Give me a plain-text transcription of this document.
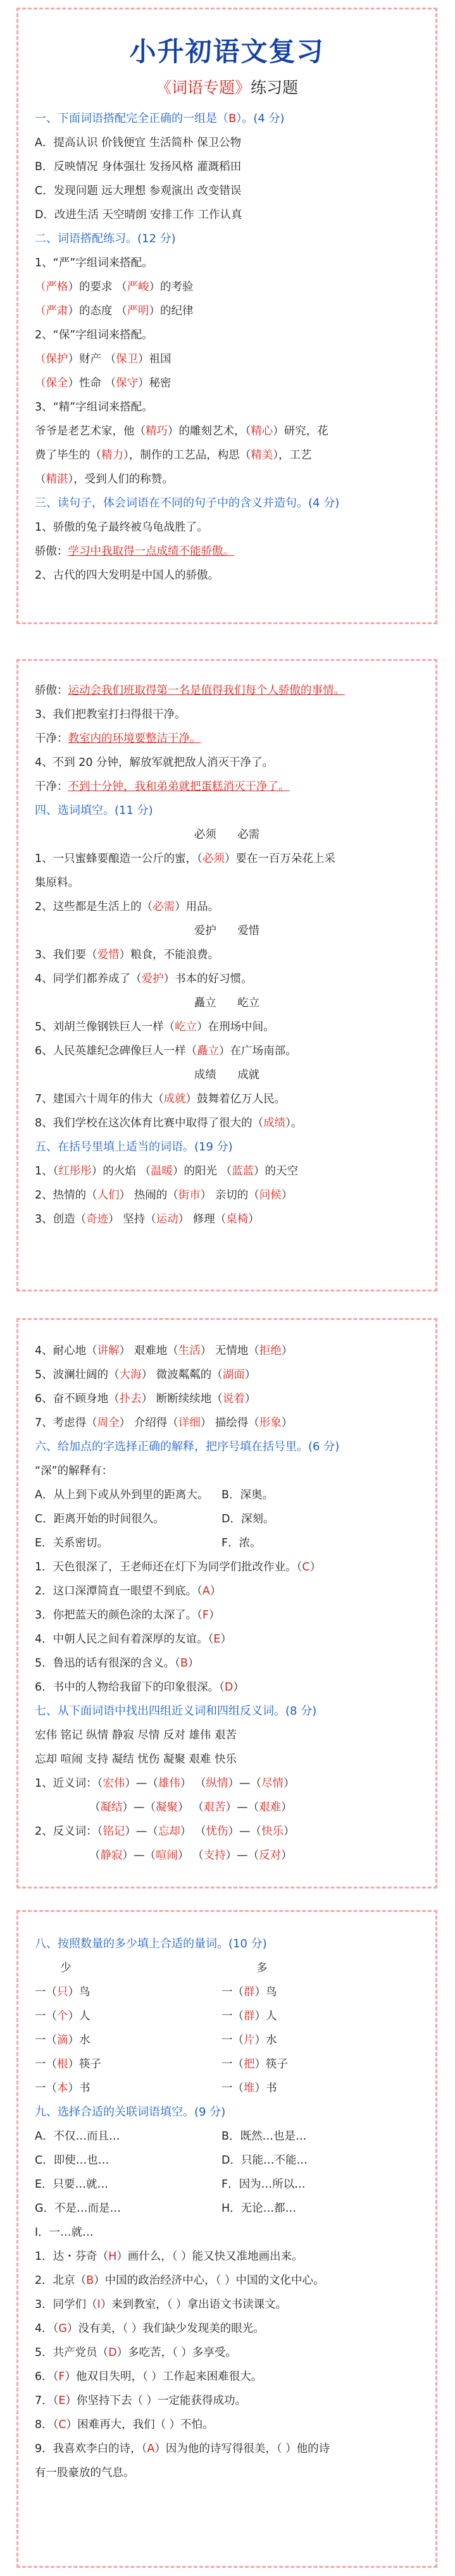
小升初语文复习
《词语专题》练习题
一、下面词语搭配完全正确的一组是（B）。(4 分)
A．提高认识 价钱便宜 生活简朴 保卫公物
B．反映情况 身体强壮 发扬风格 灌溉稻田
C．发现问题 远大理想 参观演出 改变错误
D．改进生活 天空晴朗 安排工作 工作认真
二、词语搭配练习。(12 分)
1、“严”字组词来搭配。
（严格）的要求 （严峻）的考验
（严肃）的态度 （严明）的纪律
2、“保”字组词来搭配。
（保护）财产 （保卫）祖国
（保全）性命 （保守）秘密
3、“精”字组词来搭配。
爷爷是老艺术家，他（精巧）的雕刻艺术，（精心）研究，花
费了毕生的（精力），制作的工艺品，构思（精美），工艺
（精湛），受到人们的称赞。
三、读句子，体会词语在不同的句子中的含义并造句。(4 分)
1、骄傲的兔子最终被乌龟战胜了。
骄傲：学习中我取得一点成绩不能骄傲。
2、古代的四大发明是中国人的骄傲。
骄傲：运动会我们班取得第一名是值得我们每个人骄傲的事情。
3、我们把教室打扫得很干净。
干净：教室内的环境要整洁干净。
4、不到 20 分钟，解放军就把敌人消灭干净了。
干净：不到十分钟，我和弟弟就把蛋糕消灭干净了。
四、选词填空。(11 分)
必须 必需
1、一只蜜蜂要酿造一公斤的蜜，（必须）要在一百万朵花上采
集原料。
2、这些都是生活上的（必需）用品。
爱护 爱惜
3、我们要（爱惜）粮食，不能浪费。
4、同学们都养成了（爱护）书本的好习惯。
矗立 屹立
5、刘胡兰像钢铁巨人一样（屹立）在刑场中间。
6、人民英雄纪念碑像巨人一样（矗立）在广场南部。
成绩 成就
7、建国六十周年的伟大（成就）鼓舞着亿万人民。
8、我们学校在这次体育比赛中取得了很大的（成绩）。
五、在括号里填上适当的词语。(19 分)
1、（红彤彤）的火焰 （温暖）的阳光 （蓝蓝）的天空
2、热情的（人们） 热闹的（街市） 亲切的（问候）
3、创造（奇迹） 坚持（运动） 修理（桌椅）
4、耐心地（讲解） 艰难地（生活） 无情地（拒绝）
5、波澜壮阔的（大海） 微波粼粼的（湖面）
6、奋不顾身地（扑去） 断断续续地（说着）
7、考虑得（周全） 介绍得（详细） 描绘得（形象）
六、给加点的字选择正确的解释，把序号填在括号里。(6 分)
“深”的解释有：
A．从上到下或从外到里的距离大。 B．深奥。
C．距离开始的时间很久。	D．深刻。
E．关系密切。	F．浓。
1．天色很深了，王老师还在灯下为同学们批改作业。（C）
2．这口深潭简直一眼望不到底。（A）
3．你把蓝天的颜色涂的太深了。（F）
4．中朝人民之间有着深厚的友谊。（E）
5．鲁迅的话有很深的含义。（B）
6．书中的人物给我留下的印象很深。（D）
七、从下面词语中找出四组近义词和四组反义词。(8 分)
宏伟 铭记 纵情 静寂 尽情 反对 雄伟 艰苦
忘却 喧闹 支持 凝结 忧伤 凝聚 艰难 快乐
1、近义词：（宏伟）—（雄伟） （纵情）—（尽情）
（凝结）—（凝聚） （艰苦）—（艰难）
2、反义词：（铭记）—（忘却） （忧伤）—（快乐）
（静寂）—（喧闹） （支持）—（反对）
八、按照数量的多少填上合适的量词。(10 分)
少	多
一（只）鸟	一（群）鸟
一（个）人	一（群）人
一（滴）水	一（片）水
一（根）筷子	一（把）筷子
一（本）书	一（堆）书
九、选择合适的关联词语填空。(9 分)
A．不仅…而且…	B．既然…也是…
C．即使…也…	D．只能…不能…
E．只要…就…	F．因为…所以…
G．不是…而是…	H．无论…都…
I．一…就…
1．达・芬奇（H）画什么，（ ）能又快又准地画出来。
2．北京（B）中国的政治经济中心，（ ）中国的文化中心。
3．同学们（I）来到教室，（ ）拿出语文书读课文。
4．（G）没有美，（ ）我们缺少发现美的眼光。
5．共产党员（D）多吃苦，（ ）多享受。
6．（F）他双目失明，（ ）工作起来困难很大。
7．（E）你坚持下去（ ）一定能获得成功。
8．（C）困难再大，我们（ ）不怕。
9．我喜欢李白的诗，（A）因为他的诗写得很美，（ ）他的诗
有一股豪放的气息。
